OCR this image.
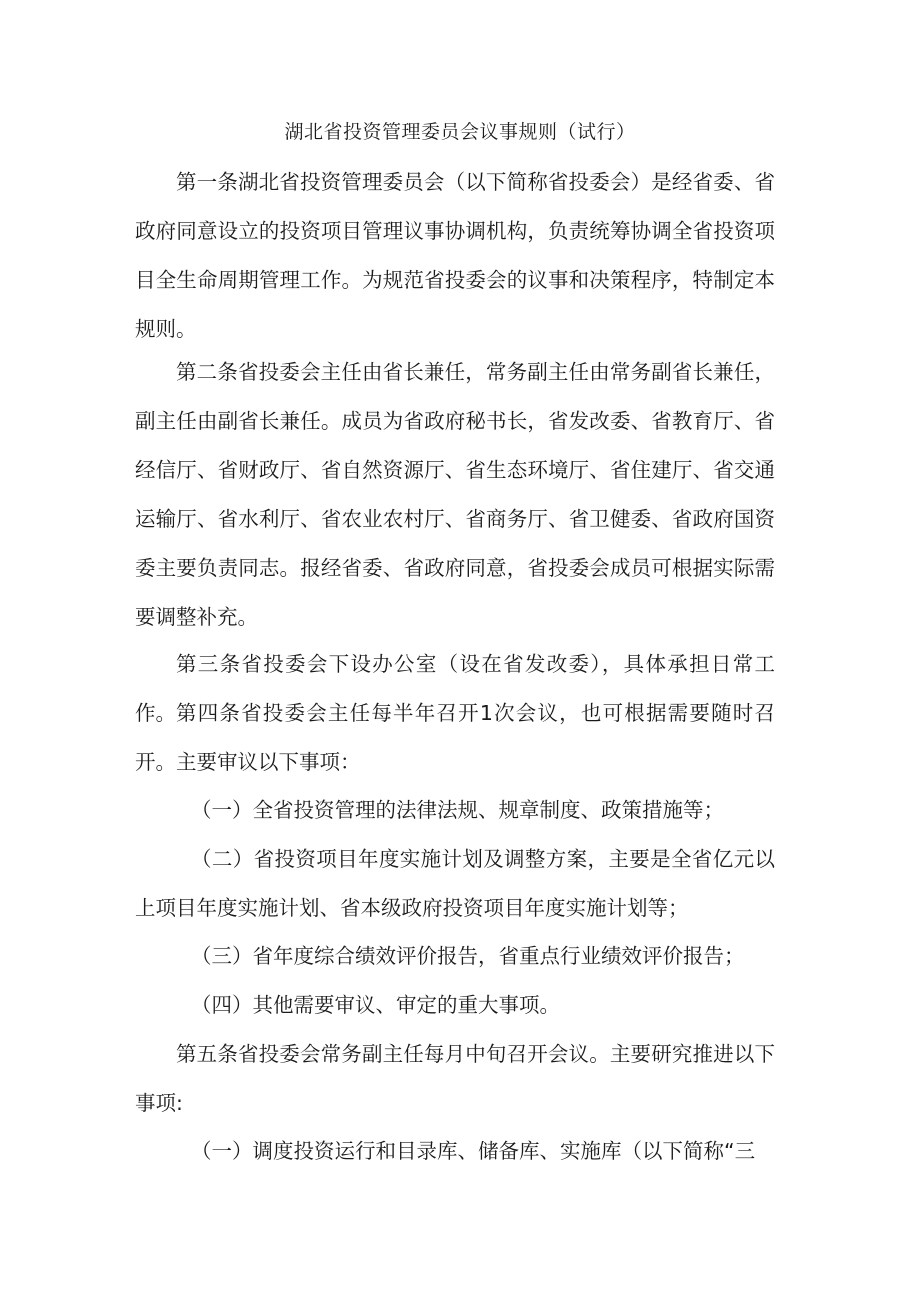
湖北省投资管理委员会议事规则（试行）

第一条湖北省投资管理委员会（以下简称省投委会）是经省委、省政府同意设立的投资项目管理议事协调机构，负责统筹协调全省投资项目全生命周期管理工作。为规范省投委会的议事和决策程序，特制定本规则。

第二条省投委会主任由省长兼任，常务副主任由常务副省长兼任，副主任由副省长兼任。成员为省政府秘书长，省发改委、省教育厅、省经信厅、省财政厅、省自然资源厅、省生态环境厅、省住建厅、省交通运输厅、省水利厅、省农业农村厅、省商务厅、省卫健委、省政府国资委主要负责同志。报经省委、省政府同意，省投委会成员可根据实际需要调整补充。

第三条省投委会下设办公室（设在省发改委），具体承担日常工作。 第四条省投委会主任每半年召开1次会议，也可根据需要随时召开。主要审议以下事项：

（一）全省投资管理的法律法规、规章制度、政策措施等；

（二）省投资项目年度实施计划及调整方案，主要是全省亿元以上项目年度实施计划、省本级政府投资项目年度实施计划等；

（三）省年度综合绩效评价报告，省重点行业绩效评价报告；

（四）其他需要审议、审定的重大事项。

第五条省投委会常务副主任每月中旬召开会议。主要研究推进以下事项:

（一）调度投资运行和目录库、储备库、实施库（以下简称“三
